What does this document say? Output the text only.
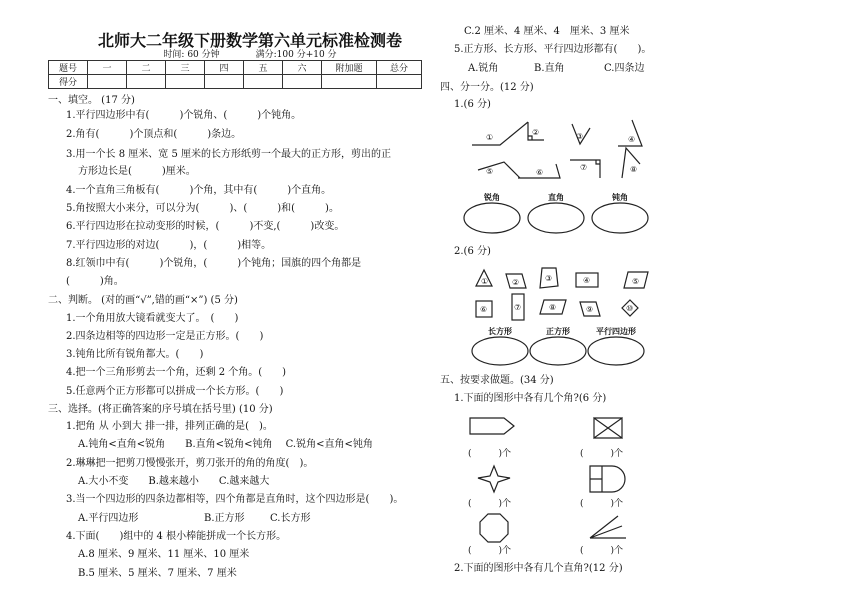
北师大二年级下册数学第六单元标准检测卷
时间: 60 分钟　　　　满分:100 分+10 分
题号	一	二	三	四	五	六	附加题	总分
得分								
一、填空。 (17 分)
1.平行四边形中有(　　　)个锐角、(　　　)个钝角。
2.角有(　　　)个顶点和(　　　)条边。
3.用一个长 8 厘米、宽 5 厘米的长方形纸剪一个最大的正方形，剪出的正
方形边长是(　　　)厘米。
4.一个直角三角板有(　　　)个角，其中有(　　　)个直角。
5.角按照大小来分，可以分为(　　　)、(　　　)和(　　　)。
6.平行四边形在拉动变形的时候，(　　　)不变,(　　　)改变。
7.平行四边形的对边(　　　)，(　　　)相等。
8.红领巾中有(　　　)个锐角，(　　　)个钝角；国旗的四个角都是
(　　　)角。
二、判断。 (对的画“√”,错的画“×”) (5 分)
1.一个角用放大镜看就变大了。　(　　)
2.四条边相等的四边形一定是正方形。(　　)
3.钝角比所有锐角都大。(　　)
4.把一个三角形剪去一个角，还剩 2 个角。(　　)
5.任意两个正方形都可以拼成一个长方形。(　　)
三、选择。(将正确答案的序号填在括号里) (10 分)
1.把角 从 小到大 排一排，排列正确的是(　)。
A.钝角<直角<锐角　　B.直角<锐角<钝角　 C.锐角<直角<钝角
2.琳琳把一把剪刀慢慢张开，剪刀张开的角的角度(　)。
A.大小不变　　B.越来越小　　C.越来越大
3.当一个四边形的四条边都相等，四个角都是直角时，这个四边形是(　　)。
A.平行四边形	B.正方形	C.长方形
4.下面(　　)组中的 4 根小棒能拼成一个长方形。
A.8 厘米、9 厘米、11 厘米、10 厘米
B.5 厘米、5 厘米、7 厘米、7 厘米
C.2 厘米、4 厘米、4　厘米、3 厘米
5.正方形、长方形、平行四边形都有(　　)。
A.锐角	B.直角	C.四条边
四、分一分。(12 分)
1.(6 分)
2.(6 分)
五、按要求做题。(34 分)
1.下面的图形中各有几个角?(6 分)
2.下面的图形中各有几个直角?(12 分)
①
②	③	④
⑤	⑥
⑦	⑧
①	②	③	④	⑤
⑥	⑦	⑧	⑨	⑩
锐角	直角	钝角
长方形	正方形	平行四边形
(　　　)个	(　　　)个
(　　　)个	(　　　)个
(　　　)个	(　　　)个
